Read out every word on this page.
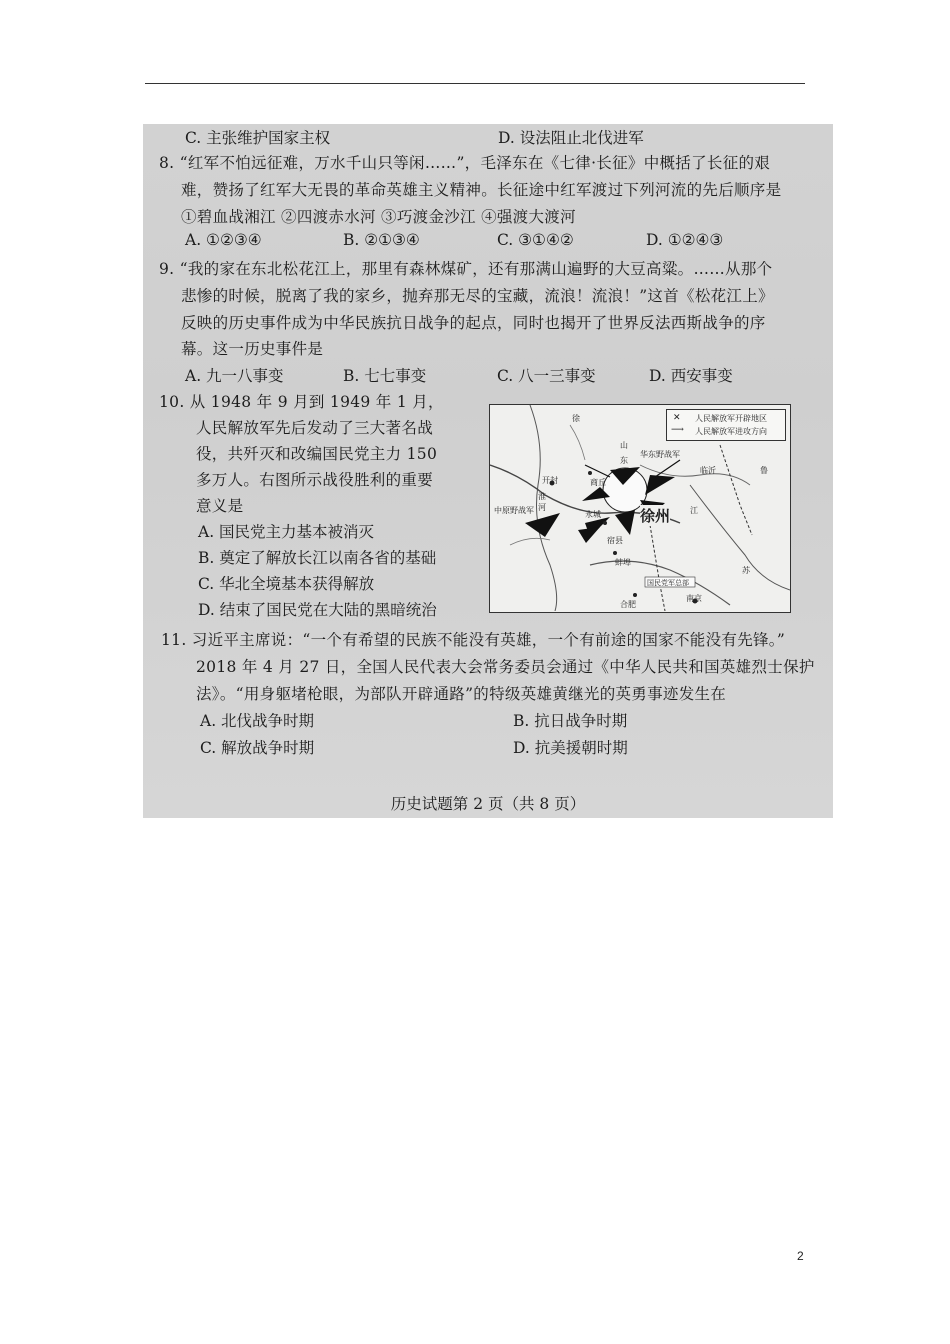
C. 主张维护国家主权	D. 设法阻止北伐进军
8. “红军不怕远征难，万水千山只等闲……”，毛泽东在《七律·长征》中概括了长征的艰
难，赞扬了红军大无畏的革命英雄主义精神。长征途中红军渡过下列河流的先后顺序是
①碧血战湘江 ②四渡赤水河 ③巧渡金沙江 ④强渡大渡河
A. ①②③④	B. ②①③④	C. ③①④②	D. ①②④③
9. “我的家在东北松花江上，那里有森林煤矿，还有那满山遍野的大豆高粱。……从那个
悲惨的时候，脱离了我的家乡，抛弃那无尽的宝藏，流浪！流浪！”这首《松花江上》
反映的历史事件成为中华民族抗日战争的起点，同时也揭开了世界反法西斯战争的序
幕。这一历史事件是
A. 九一八事变	B. 七七事变	C. 八一三事变	D. 西安事变
10. 从 1948 年 9 月到 1949 年 1 月，
人民解放军先后发动了三大著名战
役，共歼灭和改编国民党主力 150
多万人。右图所示战役胜利的重要
意义是
A. 国民党主力基本被消灭
B. 奠定了解放长江以南各省的基础
C. 华北全境基本获得解放
D. 结束了国民党在大陆的黑暗统治
✕ 人民解放军开辟地区
⟶ 人民解放军进攻方向
徐州
开封
中原野战军
华东野战军
商丘
永城
宿县
蚌埠
合肥
南京
淮
河	江
苏
鲁
山
东
临沂
徐
国民党军总部
11. 习近平主席说：“一个有希望的民族不能没有英雄，一个有前途的国家不能没有先锋。”
2018 年 4 月 27 日，全国人民代表大会常务委员会通过《中华人民共和国英雄烈士保护
法》。“用身躯堵枪眼，为部队开辟通路”的特级英雄黄继光的英勇事迹发生在
A. 北伐战争时期	B. 抗日战争时期
C. 解放战争时期	D. 抗美援朝时期
历史试题第 2 页（共 8 页）
2
